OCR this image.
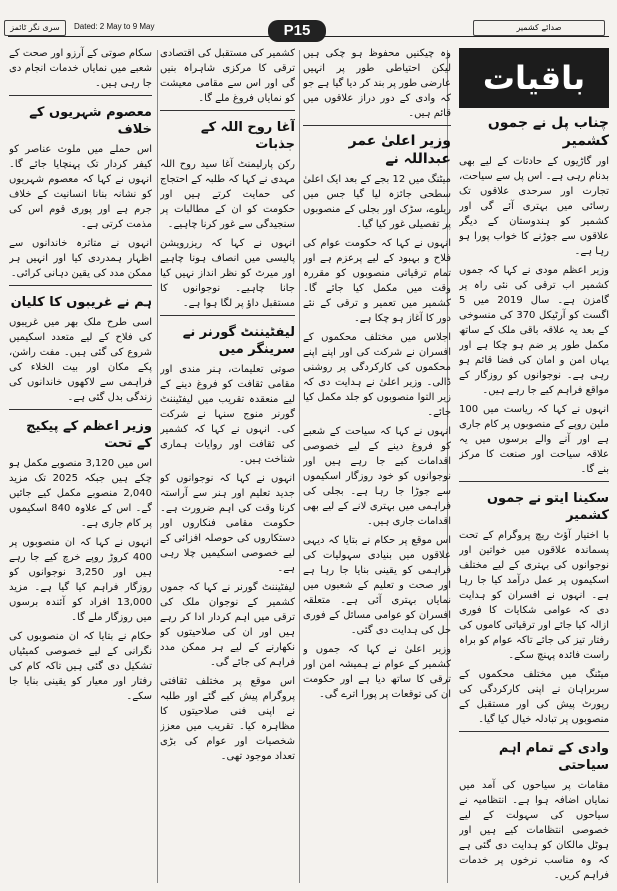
سری نگر ٹائمز	Dated: 2 May to 9 May	P15	صدائے کشمیر
باقیات
چناب پل نے جموں کشمیر

اور گاڑیوں کے حادثات کے لیے بھی بدنام رہی ہے۔ اس پل سے سیاحت، تجارت اور سرحدی علاقوں تک رسائی میں بہتری آئے گی اور کشمیر کو ہندوستان کے دیگر علاقوں سے جوڑنے کا خواب پورا ہو رہا ہے۔

وزیر اعظم مودی نے کہا کہ جموں کشمیر اب ترقی کی نئی راہ پر گامزن ہے۔ سال 2019 میں 5 اگست کو آرٹیکل 370 کی منسوخی کے بعد یہ علاقہ باقی ملک کے ساتھ مکمل طور پر ضم ہو چکا ہے اور یہاں امن و امان کی فضا قائم ہو رہی ہے۔ نوجوانوں کو روزگار کے مواقع فراہم کیے جا رہے ہیں۔

انہوں نے کہا کہ ریاست میں 100 ملین روپے کے منصوبوں پر کام جاری ہے اور آنے والے برسوں میں یہ علاقہ سیاحت اور صنعت کا مرکز بنے گا۔

سکینا ایتو نے جموں کشمیر

با اختیار آؤٹ ریچ پروگرام کے تحت پسماندہ علاقوں میں خواتین اور نوجوانوں کی بہتری کے لیے مختلف اسکیموں پر عمل درآمد کیا جا رہا ہے۔ انہوں نے افسران کو ہدایت دی کہ عوامی شکایات کا فوری ازالہ کیا جائے اور ترقیاتی کاموں کی رفتار تیز کی جائے تاکہ عوام کو براہ راست فائدہ پہنچ سکے۔

میٹنگ میں مختلف محکموں کے سربراہان نے اپنی کارکردگی کی رپورٹ پیش کی اور مستقبل کے منصوبوں پر تبادلہ خیال کیا گیا۔

وادی کے تمام اہم سیاحتی

مقامات پر سیاحوں کی آمد میں نمایاں اضافہ ہوا ہے۔ انتظامیہ نے سیاحوں کی سہولت کے لیے خصوصی انتظامات کیے ہیں اور ہوٹل مالکان کو ہدایت دی گئی ہے کہ وہ مناسب نرخوں پر خدمات فراہم کریں۔

وہ چیکنیں محفوظ ہو چکی ہیں لیکن احتیاطی طور پر انہیں عارضی طور پر بند کر دیا گیا ہے جو کہ وادی کے دور دراز علاقوں میں قائم ہیں۔

وزیر اعلیٰ عمر عبداللہ نے

میٹنگ میں 12 بجے کے بعد ایک اعلیٰ سطحی جائزہ لیا گیا جس میں ریلوے، سڑک اور بجلی کے منصوبوں پر تفصیلی غور کیا گیا۔

انہوں نے کہا کہ حکومت عوام کی فلاح و بہبود کے لیے پرعزم ہے اور تمام ترقیاتی منصوبوں کو مقررہ وقت میں مکمل کیا جائے گا۔ کشمیر میں تعمیر و ترقی کے نئے دور کا آغاز ہو چکا ہے۔

اجلاس میں مختلف محکموں کے افسران نے شرکت کی اور اپنے اپنے محکموں کی کارکردگی پر روشنی ڈالی۔ وزیر اعلیٰ نے ہدایت دی کہ زیر التوا منصوبوں کو جلد مکمل کیا جائے۔

انہوں نے کہا کہ سیاحت کے شعبے کو فروغ دینے کے لیے خصوصی اقدامات کیے جا رہے ہیں اور نوجوانوں کو خود روزگار اسکیموں سے جوڑا جا رہا ہے۔ بجلی کی فراہمی میں بہتری لانے کے لیے بھی اقدامات جاری ہیں۔

اس موقع پر حکام نے بتایا کہ دیہی علاقوں میں بنیادی سہولیات کی فراہمی کو یقینی بنایا جا رہا ہے اور صحت و تعلیم کے شعبوں میں نمایاں بہتری آئی ہے۔ متعلقہ افسران کو عوامی مسائل کے فوری حل کی ہدایت دی گئی۔

وزیر اعلیٰ نے کہا کہ جموں و کشمیر کے عوام نے ہمیشہ امن اور ترقی کا ساتھ دیا ہے اور حکومت ان کی توقعات پر پورا اترے گی۔

کشمیر کی مستقبل کی اقتصادی ترقی کا مرکزی شاہراہ بنیں گی اور اس سے مقامی معیشت کو نمایاں فروغ ملے گا۔

آغا روح اللہ کے جذبات

رکن پارلیمنٹ آغا سید روح اللہ مہدی نے کہا کہ طلبہ کے احتجاج کی حمایت کرتے ہیں اور حکومت کو ان کے مطالبات پر سنجیدگی سے غور کرنا چاہیے۔

انہوں نے کہا کہ ریزرویشن پالیسی میں انصاف ہونا چاہیے اور میرٹ کو نظر انداز نہیں کیا جانا چاہیے۔ نوجوانوں کا مستقبل داؤ پر لگا ہوا ہے۔

لیفٹیننٹ گورنر نے سرینگر میں

صوتی تعلیمات، ہنر مندی اور مقامی ثقافت کو فروغ دینے کے لیے منعقدہ تقریب میں لیفٹیننٹ گورنر منوج سنہا نے شرکت کی۔ انہوں نے کہا کہ کشمیر کی ثقافت اور روایات ہماری شناخت ہیں۔

انہوں نے کہا کہ نوجوانوں کو جدید تعلیم اور ہنر سے آراستہ کرنا وقت کی اہم ضرورت ہے۔ حکومت مقامی فنکاروں اور دستکاروں کی حوصلہ افزائی کے لیے خصوصی اسکیمیں چلا رہی ہے۔

لیفٹیننٹ گورنر نے کہا کہ جموں کشمیر کے نوجوان ملک کی ترقی میں اہم کردار ادا کر رہے ہیں اور ان کی صلاحیتوں کو نکھارنے کے لیے ہر ممکن مدد فراہم کی جائے گی۔

اس موقع پر مختلف ثقافتی پروگرام پیش کیے گئے اور طلبہ نے اپنی فنی صلاحیتوں کا مظاہرہ کیا۔ تقریب میں معزز شخصیات اور عوام کی بڑی تعداد موجود تھی۔

سکام صوتی کے آرزو اور صحت کے شعبے میں نمایاں خدمات انجام دی جا رہی ہیں۔

معصوم شہریوں کے خلاف

اس حملے میں ملوث عناصر کو کیفر کردار تک پہنچایا جائے گا۔ انہوں نے کہا کہ معصوم شہریوں کو نشانہ بنانا انسانیت کے خلاف جرم ہے اور پوری قوم اس کی مذمت کرتی ہے۔

انہوں نے متاثرہ خاندانوں سے اظہار ہمدردی کیا اور انہیں ہر ممکن مدد کی یقین دہانی کرائی۔

ہم نے غریبوں کا کلیان

اسی طرح ملک بھر میں غریبوں کی فلاح کے لیے متعدد اسکیمیں شروع کی گئی ہیں۔ مفت راشن، پکے مکان اور بیت الخلاء کی فراہمی سے لاکھوں خاندانوں کی زندگی بدل گئی ہے۔

وزیر اعظم کے پیکیج کے تحت

اس میں 3,120 منصوبے مکمل ہو چکے ہیں جبکہ 2025 تک مزید 2,040 منصوبے مکمل کیے جائیں گے۔ اس کے علاوہ 840 اسکیموں پر کام جاری ہے۔

انہوں نے کہا کہ ان منصوبوں پر 400 کروڑ روپے خرچ کیے جا رہے ہیں اور 3,250 نوجوانوں کو روزگار فراہم کیا گیا ہے۔ مزید 13,000 افراد کو آئندہ برسوں میں روزگار ملے گا۔

حکام نے بتایا کہ ان منصوبوں کی نگرانی کے لیے خصوصی کمیٹیاں تشکیل دی گئی ہیں تاکہ کام کی رفتار اور معیار کو یقینی بنایا جا سکے۔
